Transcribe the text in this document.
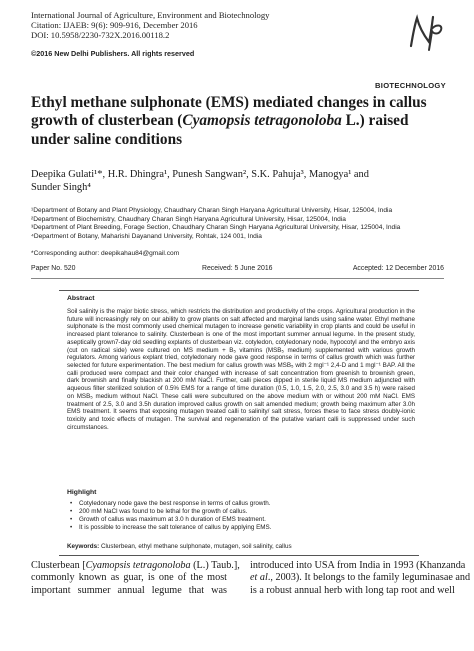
International Journal of Agriculture, Environment and Biotechnology
Citation: IJAEB: 9(6): 909-916, December 2016
DOI: 10.5958/2230-732X.2016.00118.2
©2016 New Delhi Publishers. All rights reserved
BIOTECHNOLOGY
Ethyl methane sulphonate (EMS) mediated changes in callus
growth of clusterbean (Cyamopsis tetragonoloba L.) raised
under saline conditions
Deepika Gulati¹*, H.R. Dhingra¹, Punesh Sangwan², S.K. Pahuja³, Manogya¹ and
Sunder Singh⁴
¹Department of Botany and Plant Physiology, Chaudhary Charan Singh Haryana Agricultural University, Hisar, 125004, India
²Department of Biochemistry, Chaudhary Charan Singh Haryana Agricultural University, Hisar, 125004, India
³Department of Plant Breeding, Forage Section, Chaudhary Charan Singh Haryana Agricultural University, Hisar, 125004, India
⁴Department of Botany, Maharishi Dayanand University, Rohtak, 124 001, India
*Corresponding author: deepikahau84@gmail.com
Paper No. 520	Received: 5 June 2016	Accepted: 12 December 2016
Abstract
Soil salinity is the major biotic stress, which restricts the distribution and productivity of the crops. Agricultural production in the future will increasingly rely on our ability to grow plants on salt affected and marginal lands using saline water. Ethyl methane sulphonate is the most commonly used chemical mutagen to increase genetic variability in crop plants and could be useful in increased plant tolerance to salinity. Clusterbean is one of the most important summer annual legume. In the present study, aseptically grown7-day old seedling explants of clusterbean viz. cotyledon, cotyledonary node, hypocotyl and the embryo axis (cut on radical side) were cultured on MS medium + B₅ vitamins (MSB₅ medium) supplemented with various growth regulators. Among various explant tried, cotyledonary node gave good response in terms of callus growth which was further selected for future experimentation. The best medium for callus growth was MSB₅ with 2 mgl⁻¹ 2,4-D and 1 mgl⁻¹ BAP. All the calli produced were compact and their color changed with increase of salt concentration from greenish to brownish green, dark brownish and finally blackish at 200 mM NaCl. Further, calli pieces dipped in sterile liquid MS medium adjuncted with aqueous filter sterilized solution of 0.5% EMS for a range of time duration (0.5, 1.0, 1.5, 2.0, 2.5, 3.0 and 3.5 h) were raised on MSB₅ medium without NaCl. These calli were subcultured on the above medium with or without 200 mM NaCl. EMS treatment of 2.5, 3.0 and 3.5h duration improved callus growth on salt amended medium; growth being maximum after 3.0h EMS treatment. It seems that exposing mutagen treated calli to salinity/ salt stress, forces these to face stress doubly-ionic toxicity and toxic effects of mutagen. The survival and regeneration of the putative variant calli is suppressed under such circumstances.
Highlight
• Cotyledonary node gave the best response in terms of callus growth.
• 200 mM NaCl was found to be lethal for the growth of callus.
• Growth of callus was maximum at 3.0 h duration of EMS treatment.
• It is possible to increase the salt tolerance of callus by applying EMS.
Keywords: Clusterbean, ethyl methane sulphonate, mutagen, soil salinity, callus
Clusterbean [Cyamopsis tetragonoloba (L.) Taub.],
commonly known as guar, is one of the most
important summer annual legume that was
introduced into USA from India in 1993 (Khanzanda
et al., 2003). It belongs to the family leguminasae and
is a robust annual herb with long tap root and well
